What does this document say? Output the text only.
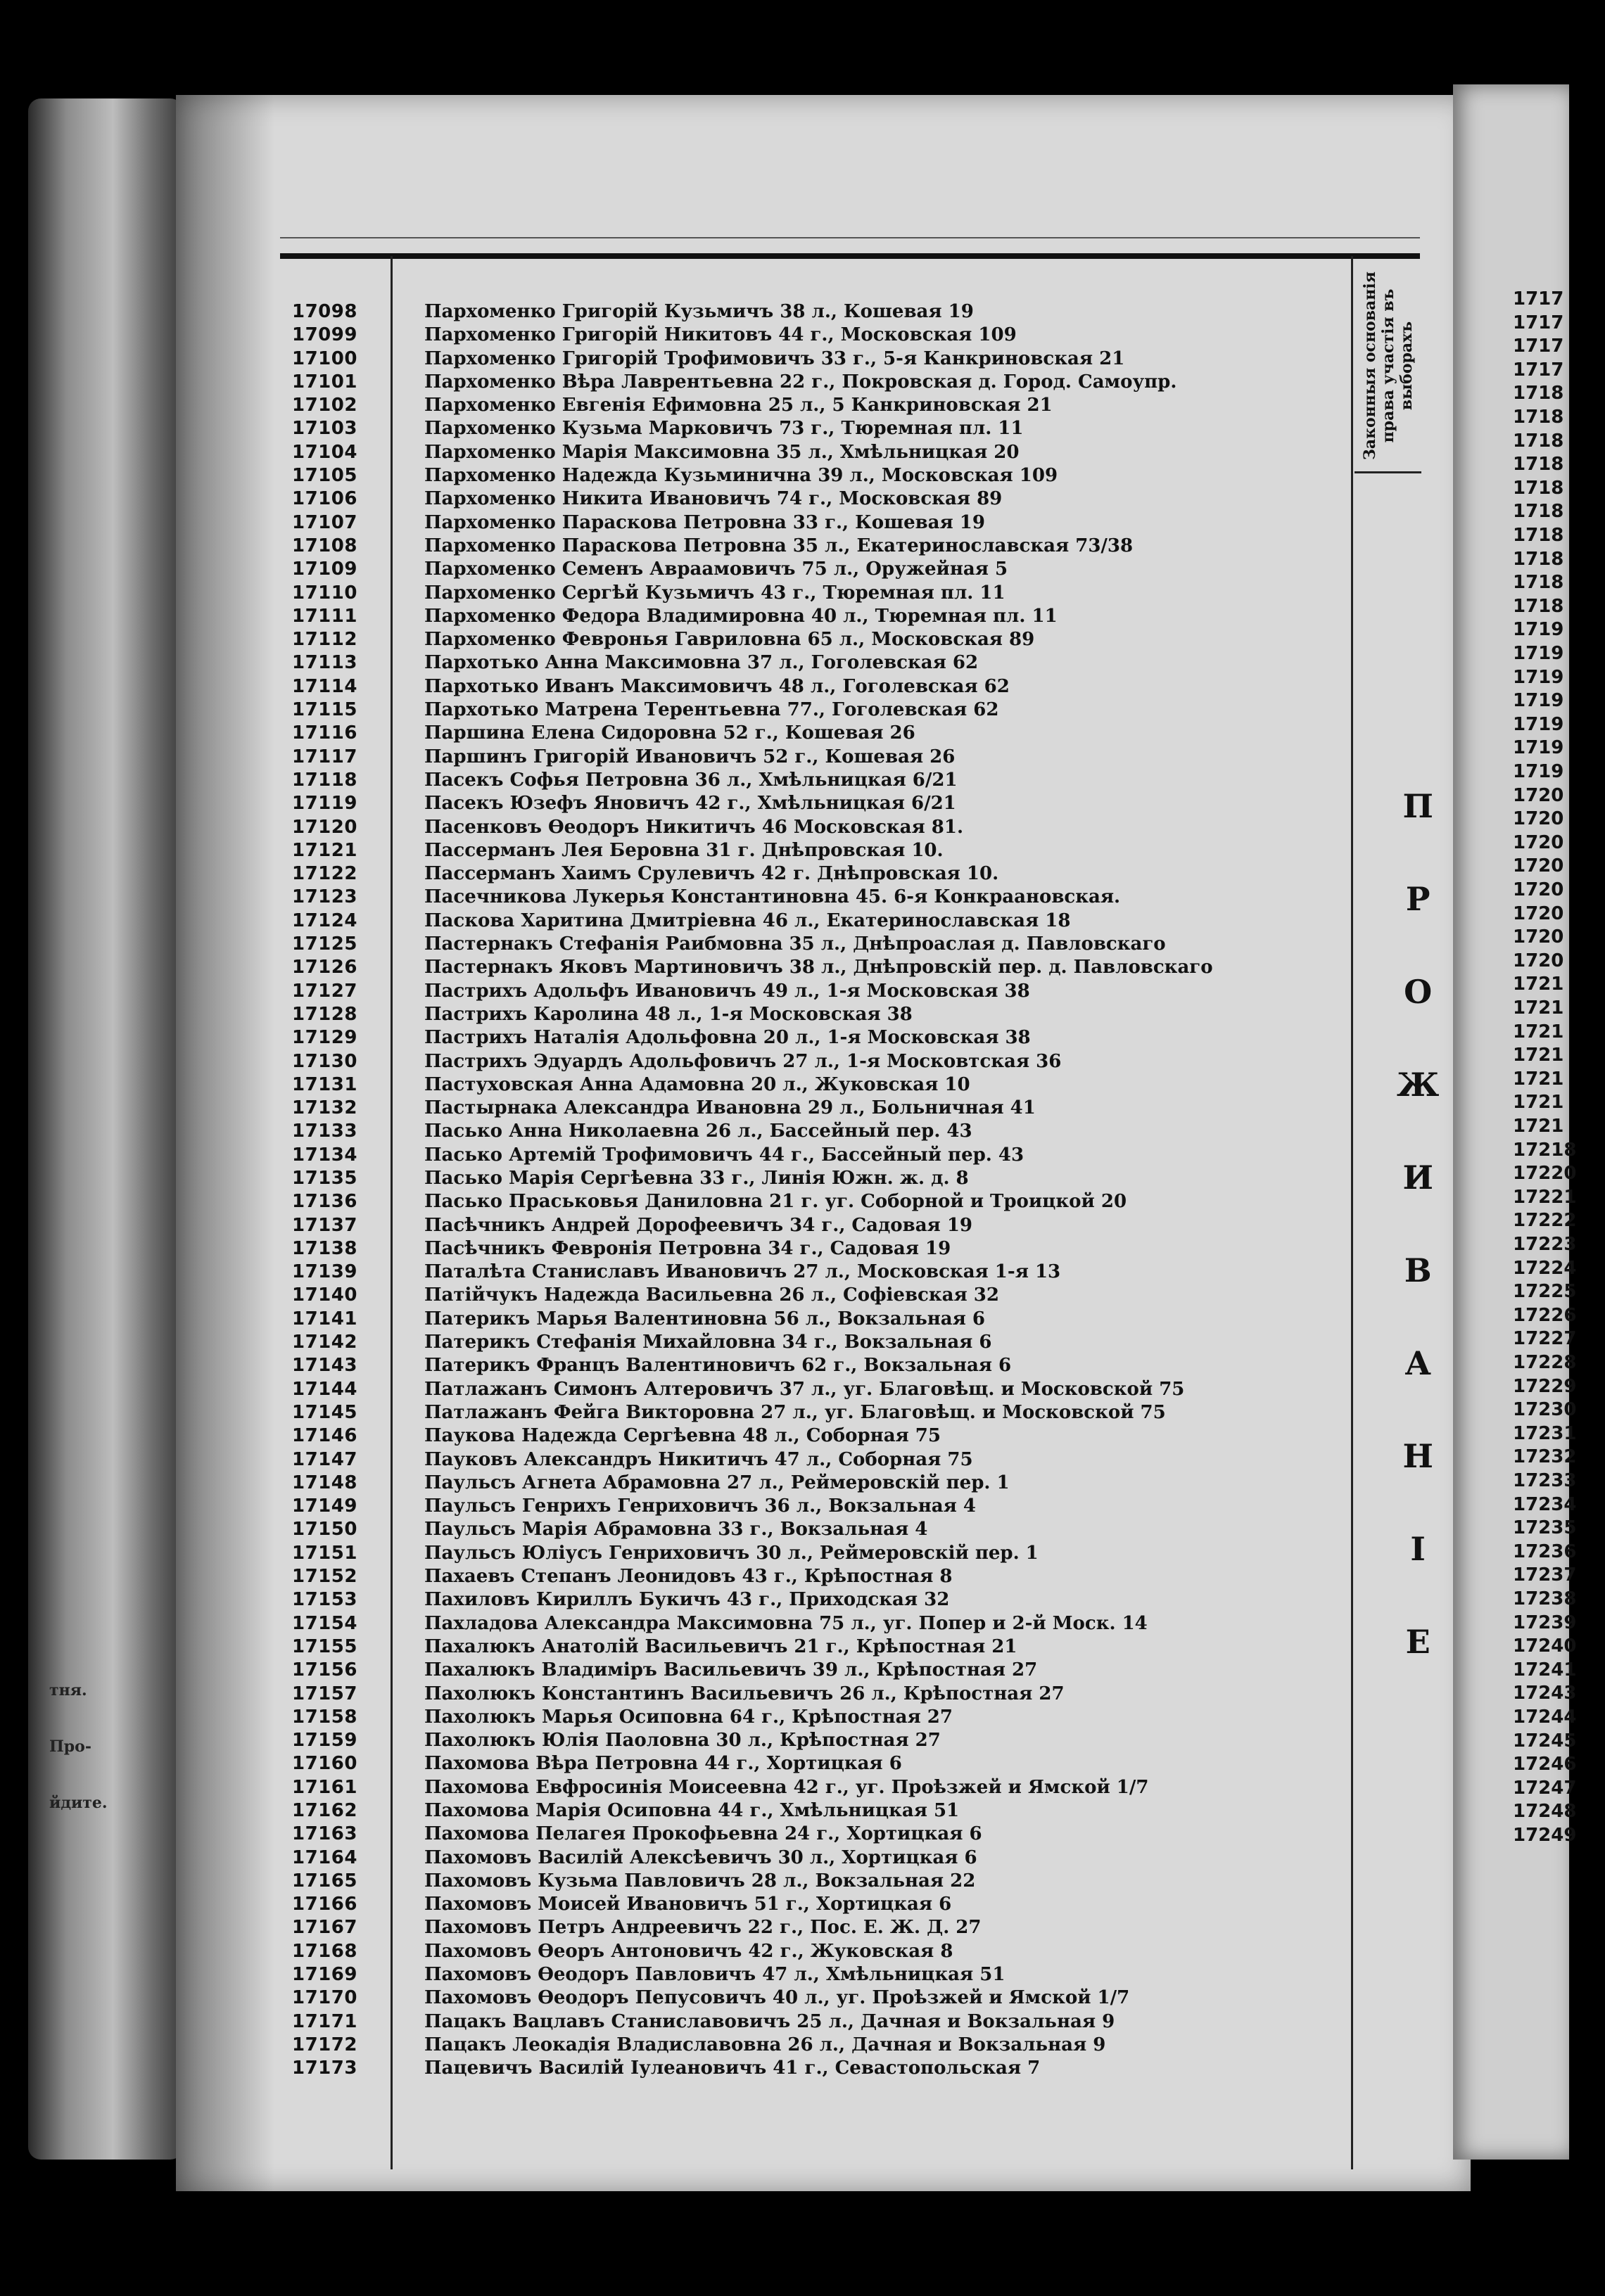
1717
1717
1717
1717
1718
1718
1718
1718
1718
1718
1718
1718
1718
1718
1719
1719
1719
1719
1719
1719
1719
1720
1720
1720
1720
1720
1720
1720
1720
1721
1721
1721
1721
1721
1721
1721
17218
17220
17221
17222
17223
17224
17225
17226
17227
17228
17229
17230
17231
17232
17233
17234
17235
17236
17237
17238
17239
17240
17241
17243
17244
17245
17246
17247
17248
17249
тня.
Про-
йдите.
Законныя основанія права участія въ выборахъ
П
Р
О
Ж
И
В
А
Н
І
Е
17098	Пархоменко Григорій Кузьмичъ 38 л., Кошевая 19
17099	Пархоменко Григорій Никитовъ 44 г., Московская 109
17100	Пархоменко Григорій Трофимовичъ 33 г., 5-я Канкриновская 21
17101	Пархоменко Вѣра Лаврентьевна 22 г., Покровская д. Город. Самоупр.
17102	Пархоменко Евгенія Ефимовна 25 л., 5 Канкриновская 21
17103	Пархоменко Кузьма Марковичъ 73 г., Тюремная пл. 11
17104	Пархоменко Марія Максимовна 35 л., Хмѣльницкая 20
17105	Пархоменко Надежда Кузьминична 39 л., Московская 109
17106	Пархоменко Никита Ивановичъ 74 г., Московская 89
17107	Пархоменко Параскова Петровна 33 г., Кошевая 19
17108	Пархоменко Параскова Петровна 35 л., Екатеринославская 73/38
17109	Пархоменко Семенъ Авраамовичъ 75 л., Оружейная 5
17110	Пархоменко Сергѣй Кузьмичъ 43 г., Тюремная пл. 11
17111	Пархоменко Федора Владимировна 40 л., Тюремная пл. 11
17112	Пархоменко Февронья Гавриловна 65 л., Московская 89
17113	Пархотько Анна Максимовна 37 л., Гоголевская 62
17114	Пархотько Иванъ Максимовичъ 48 л., Гоголевская 62
17115	Пархотько Матрена Терентьевна 77., Гоголевская 62
17116	Паршина Елена Сидоровна 52 г., Кошевая 26
17117	Паршинъ Григорій Ивановичъ 52 г., Кошевая 26
17118	Пасекъ Софья Петровна 36 л., Хмѣльницкая 6/21
17119	Пасекъ Юзефъ Яновичъ 42 г., Хмѣльницкая 6/21
17120	Пасенковъ Ѳеодоръ Никитичъ 46 Московская 81.
17121	Пассерманъ Лея Беровна 31 г. Днѣпровская 10.
17122	Пассерманъ Хаимъ Срулевичъ 42 г. Днѣпровская 10.
17123	Пасечникова Лукерья Константиновна 45. 6-я Конкраановская.
17124	Паскова Харитина Дмитріевна 46 л., Екатеринославская 18
17125	Пастернакъ Стефанія Раибмовна 35 л., Днѣпроаслая д. Павловскаго
17126	Пастернакъ Яковъ Мартиновичъ 38 л., Днѣпровскій пер. д. Павловскаго
17127	Пастрихъ Адольфъ Ивановичъ 49 л., 1-я Московская 38
17128	Пастрихъ Каролина 48 л., 1-я Московская 38
17129	Пастрихъ Наталія Адольфовна 20 л., 1-я Московская 38
17130	Пастрихъ Эдуардъ Адольфовичъ 27 л., 1-я Московтская 36
17131	Пастуховская Анна Адамовна 20 л., Жуковская 10
17132	Пастырнака Александра Ивановна 29 л., Больничная 41
17133	Пасько Анна Николаевна 26 л., Бассейный пер. 43
17134	Пасько Артемій Трофимовичъ 44 г., Бассейный пер. 43
17135	Пасько Марія Сергѣевна 33 г., Линія Южн. ж. д. 8
17136	Пасько Праськовья Даниловна 21 г. уг. Соборной и Троицкой 20
17137	Пасѣчникъ Андрей Дорофеевичъ 34 г., Садовая 19
17138	Пасѣчникъ Февронія Петровна 34 г., Садовая 19
17139	Паталѣта Станиславъ Ивановичъ 27 л., Московская 1-я 13
17140	Патійчукъ Надежда Васильевна 26 л., Софіевская 32
17141	Патерикъ Марья Валентиновна 56 л., Вокзальная 6
17142	Патерикъ Стефанія Михайловна 34 г., Вокзальная 6
17143	Патерикъ Францъ Валентиновичъ 62 г., Вокзальная 6
17144	Патлажанъ Симонъ Алтеровичъ 37 л., уг. Благовѣщ. и Московской 75
17145	Патлажанъ Фейга Викторовна 27 л., уг. Благовѣщ. и Московской 75
17146	Паукова Надежда Сергѣевна 48 л., Соборная 75
17147	Пауковъ Александръ Никитичъ 47 л., Соборная 75
17148	Паульсъ Агнета Абрамовна 27 л., Реймеровскій пер. 1
17149	Паульсъ Генрихъ Генриховичъ 36 л., Вокзальная 4
17150	Паульсъ Марія Абрамовна 33 г., Вокзальная 4
17151	Паульсъ Юліусъ Генриховичъ 30 л., Реймеровскій пер. 1
17152	Пахаевъ Степанъ Леонидовъ 43 г., Крѣпостная 8
17153	Пахиловъ Кириллъ Букичъ 43 г., Приходская 32
17154	Пахладова Александра Максимовна 75 л., уг. Попер и 2-й Моск. 14
17155	Пахалюкъ Анатолій Васильевичъ 21 г., Крѣпостная 21
17156	Пахалюкъ Владиміръ Васильевичъ 39 л., Крѣпостная 27
17157	Пахолюкъ Константинъ Васильевичъ 26 л., Крѣпостная 27
17158	Пахолюкъ Марья Осиповна 64 г., Крѣпостная 27
17159	Пахолюкъ Юлія Паоловна 30 л., Крѣпостная 27
17160	Пахомова Вѣра Петровна 44 г., Хортицкая 6
17161	Пахомова Евфросинія Моисеевна 42 г., уг. Проѣзжей и Ямской 1/7
17162	Пахомова Марія Осиповна 44 г., Хмѣльницкая 51
17163	Пахомова Пелагея Прокофьевна 24 г., Хортицкая 6
17164	Пахомовъ Василій Алексѣевичъ 30 л., Хортицкая 6
17165	Пахомовъ Кузьма Павловичъ 28 л., Вокзальная 22
17166	Пахомовъ Моисей Ивановичъ 51 г., Хортицкая 6
17167	Пахомовъ Петръ Андреевичъ 22 г., Пос. Е. Ж. Д. 27
17168	Пахомовъ Ѳеоръ Антоновичъ 42 г., Жуковская 8
17169	Пахомовъ Ѳеодоръ Павловичъ 47 л., Хмѣльницкая 51
17170	Пахомовъ Ѳеодоръ Пепусовичъ 40 л., уг. Проѣзжей и Ямской 1/7
17171	Пацакъ Вацлавъ Станиславовичъ 25 л., Дачная и Вокзальная 9
17172	Пацакъ Леокадія Владиславовна 26 л., Дачная и Вокзальная 9
17173	Пацевичъ Василій Іулеановичъ 41 г., Севастопольская 7
